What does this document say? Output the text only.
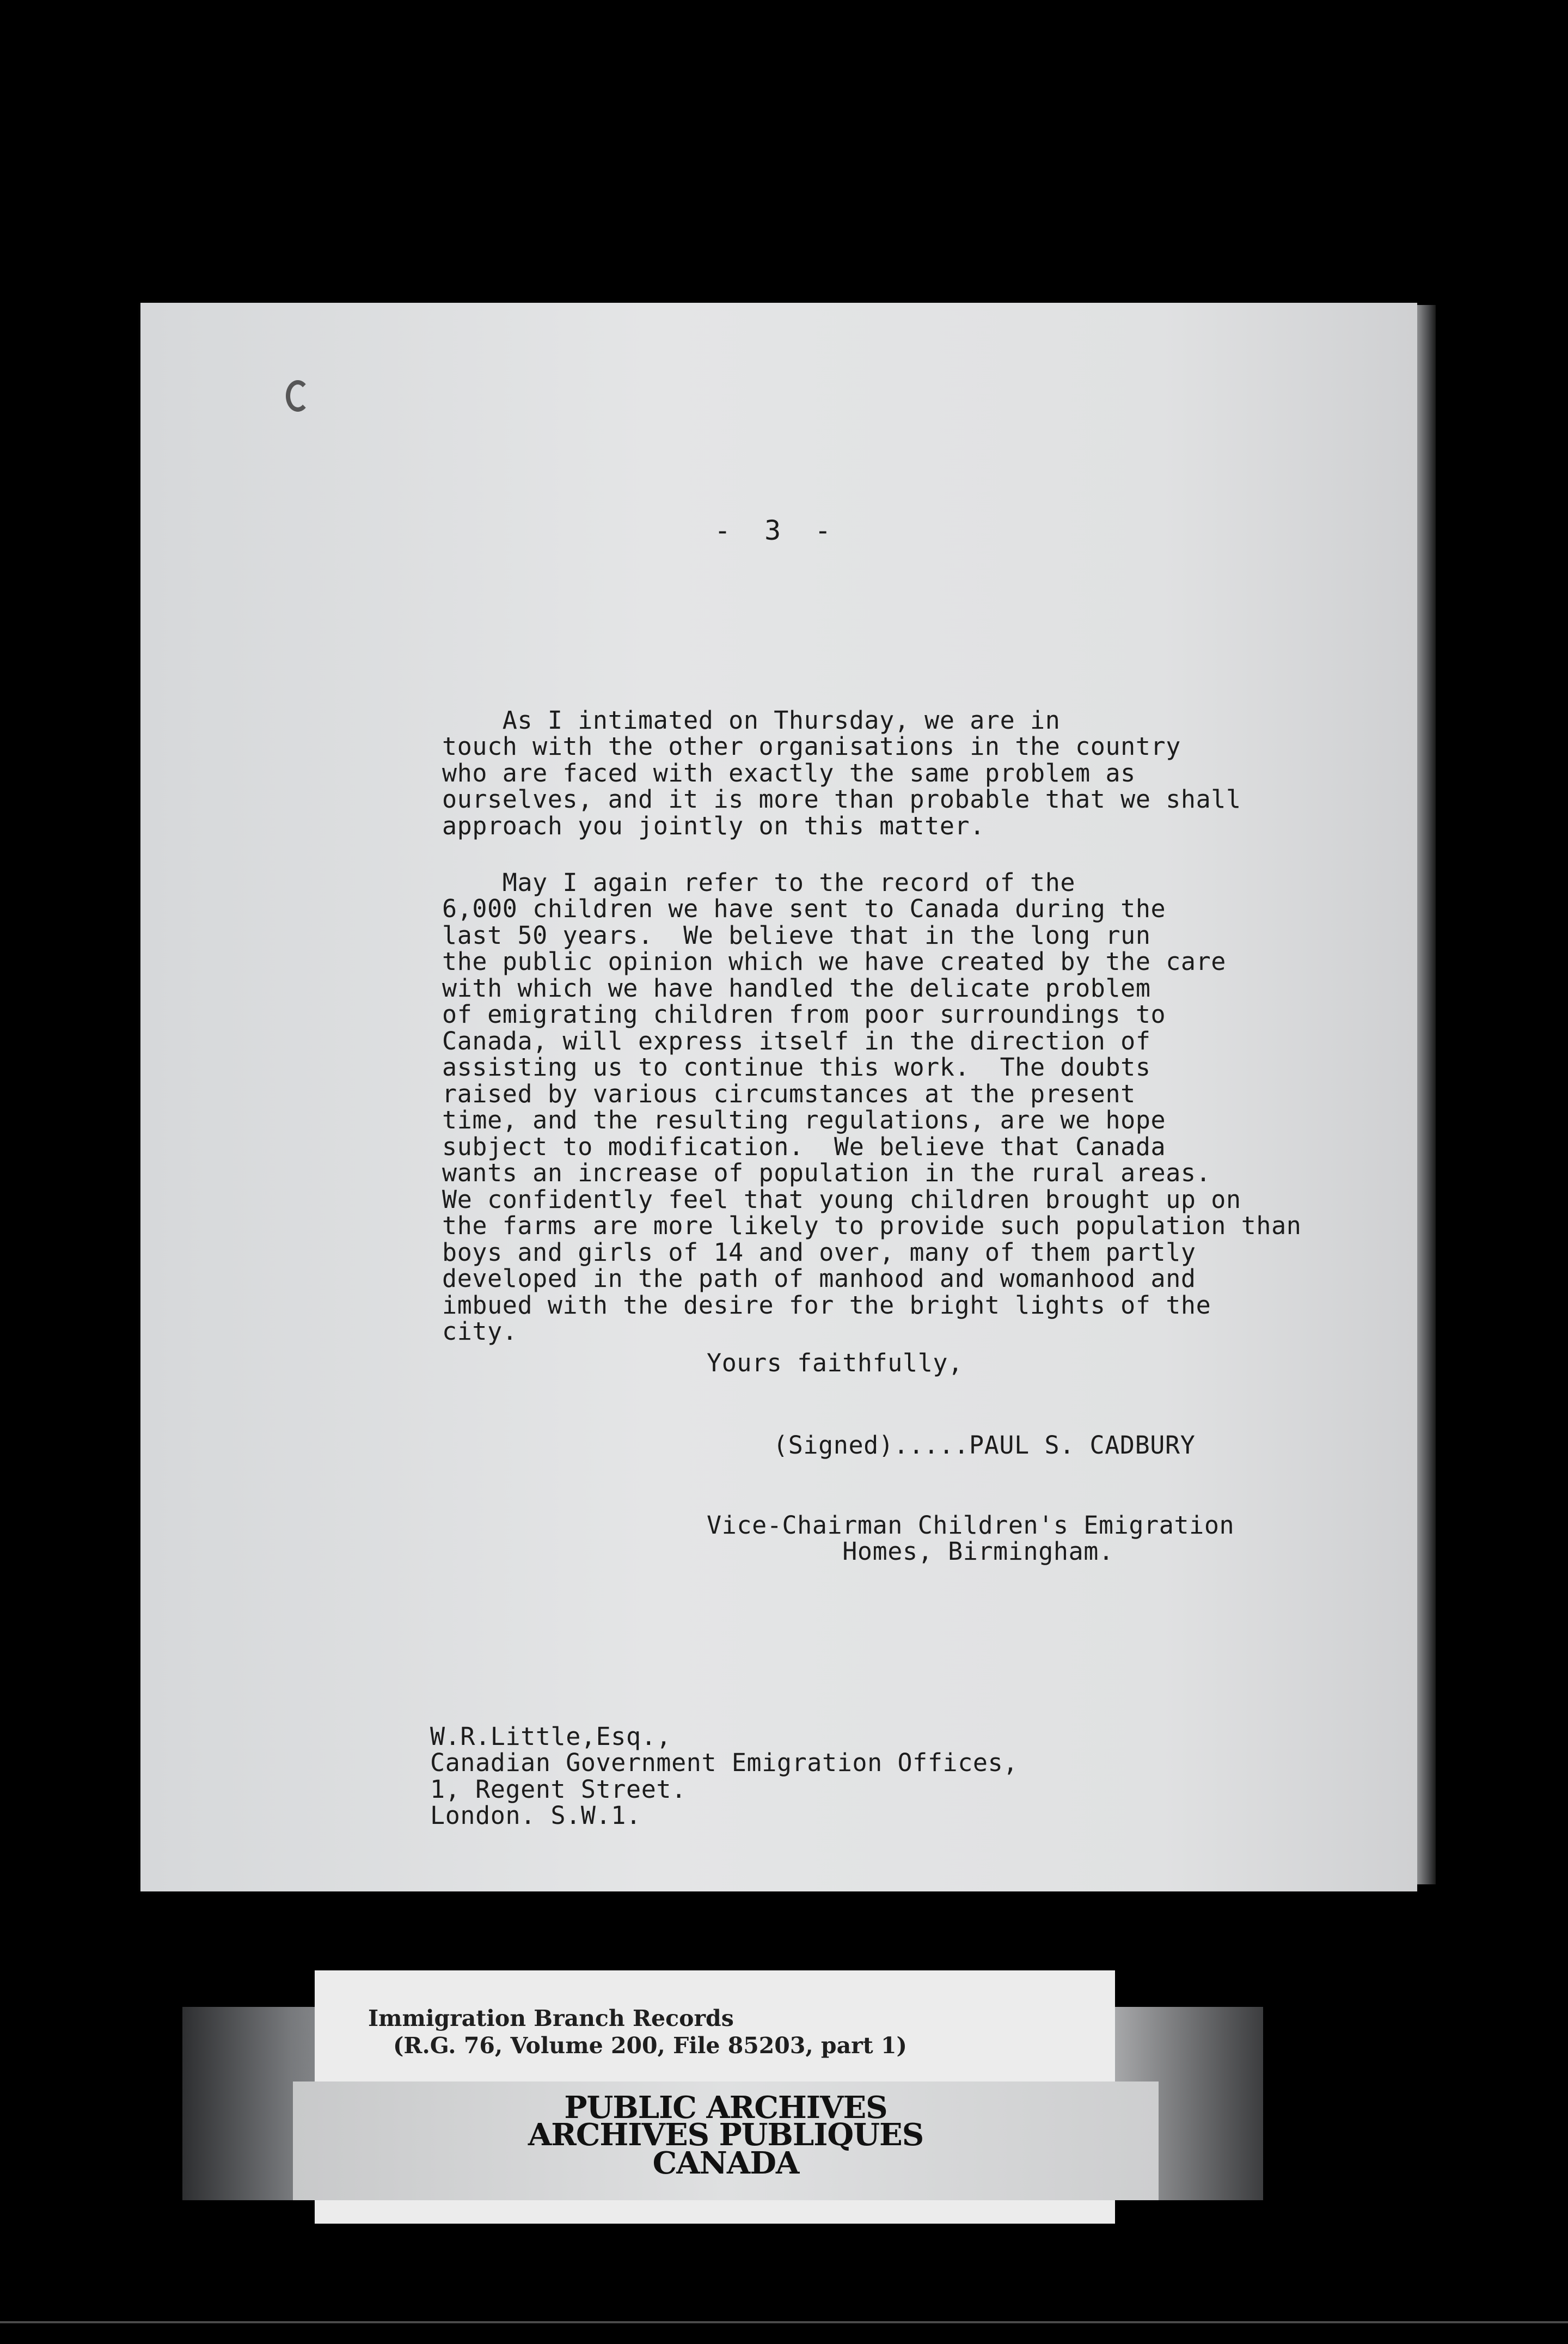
-  3  -

As I intimated on Thursday, we are in
touch with the other organisations in the country
who are faced with exactly the same problem as
ourselves, and it is more than probable that we shall
approach you jointly on this matter.

May I again refer to the record of the
6,000 children we have sent to Canada during the
last 50 years.  We believe that in the long run
the public opinion which we have created by the care
with which we have handled the delicate problem
of emigrating children from poor surroundings to
Canada, will express itself in the direction of
assisting us to continue this work.  The doubts
raised by various circumstances at the present
time, and the resulting regulations, are we hope
subject to modification.  We believe that Canada
wants an increase of population in the rural areas.
We confidently feel that young children brought up on
the farms are more likely to provide such population than
boys and girls of 14 and over, many of them partly
developed in the path of manhood and womanhood and
imbued with the desire for the bright lights of the
city.

Yours faithfully,
(Signed).....PAUL S. CADBURY

Vice-Chairman Children's Emigration
Homes, Birmingham.

W.R.Little,Esq.,
Canadian Government Emigration Offices,
1, Regent Street.
London. S.W.1.

Immigration Branch Records
(R.G. 76, Volume 200, File 85203, part 1)
PUBLIC ARCHIVES
ARCHIVES PUBLIQUES
CANADA
